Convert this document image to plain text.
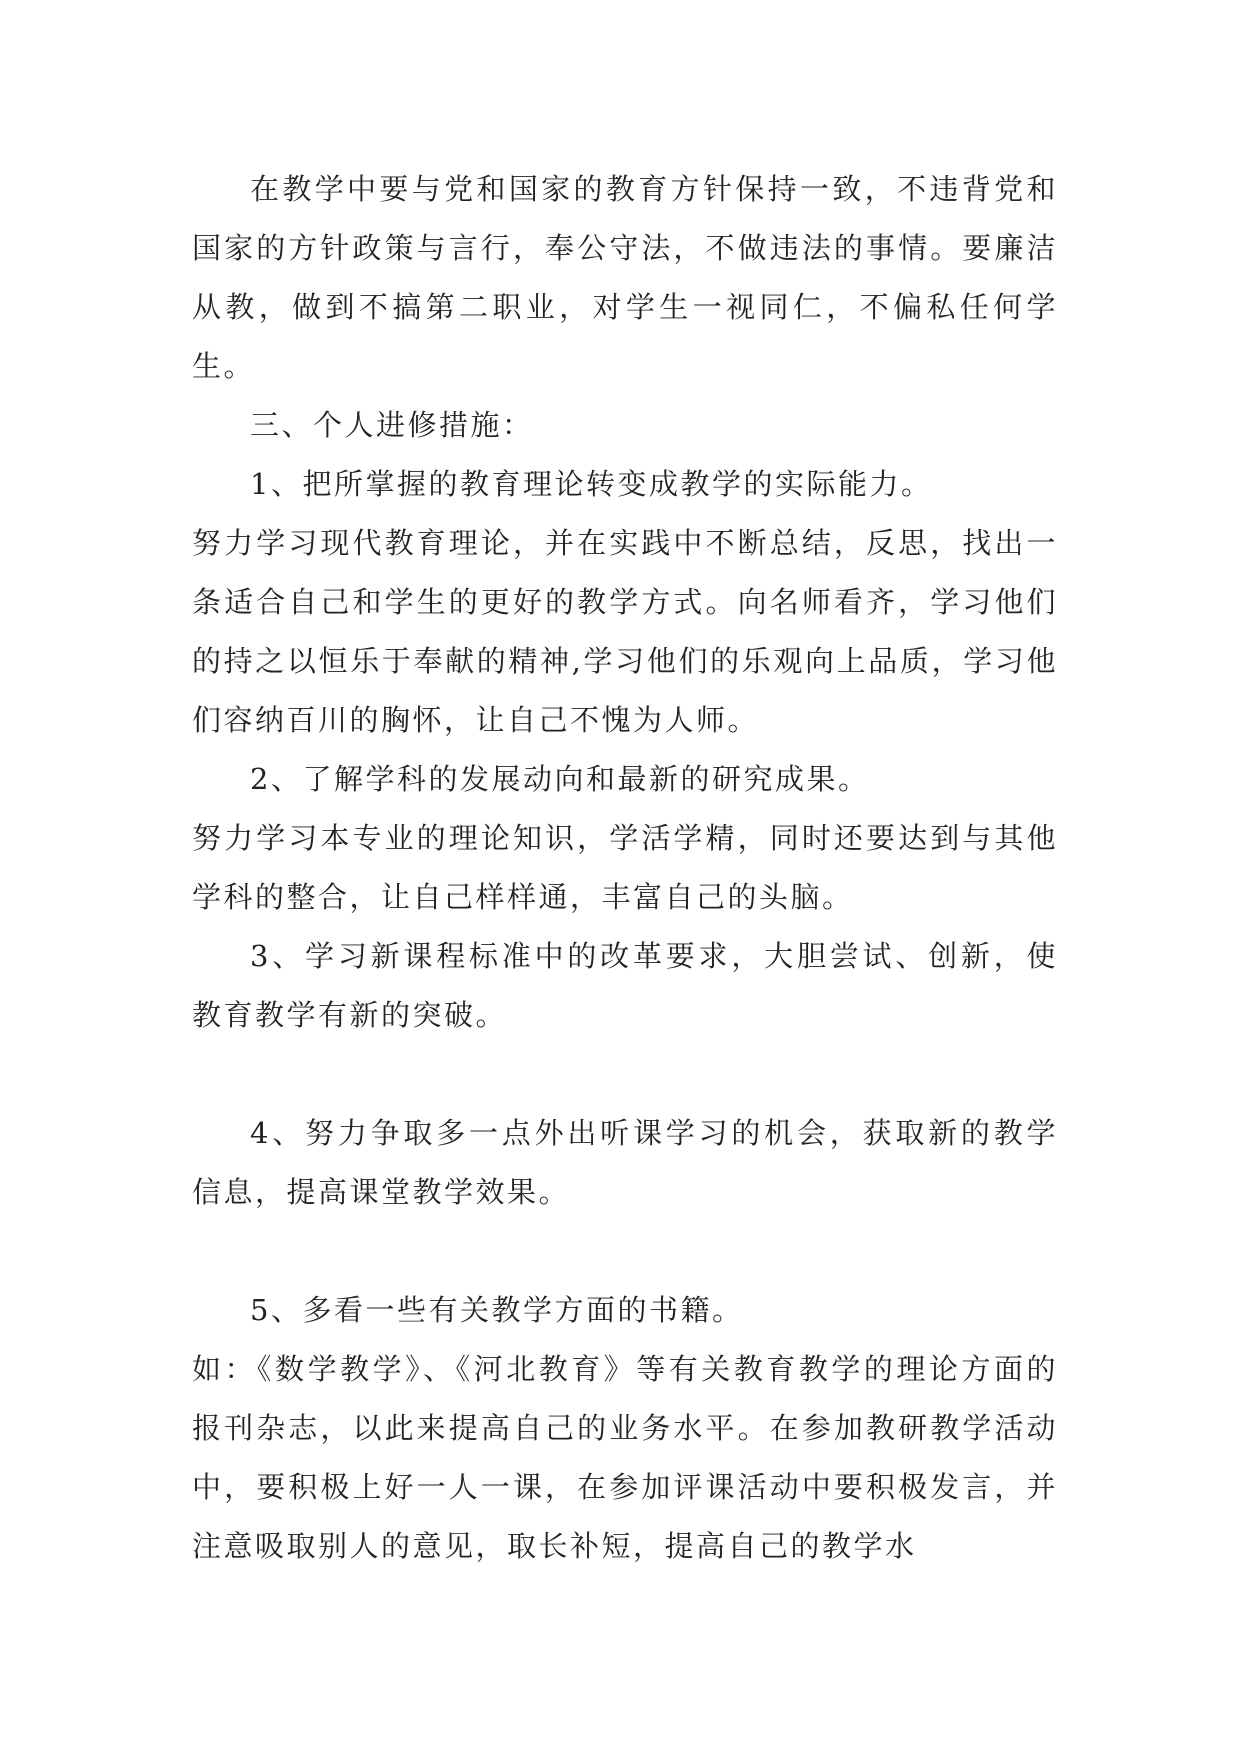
在教学中要与党和国家的教育方针保持一致，不违背党和国家的方针政策与言行，奉公守法，不做违法的事情。要廉洁从教，做到不搞第二职业，对学生一视同仁，不偏私任何学生。

三、个人进修措施：

1、把所掌握的教育理论转变成教学的实际能力。

努力学习现代教育理论，并在实践中不断总结，反思，找出一条适合自己和学生的更好的教学方式。向名师看齐，学习他们的持之以恒乐于奉献的精神,学习他们的乐观向上品质，学习他们容纳百川的胸怀，让自己不愧为人师。

2、了解学科的发展动向和最新的研究成果。

努力学习本专业的理论知识，学活学精，同时还要达到与其他学科的整合，让自己样样通，丰富自己的头脑。

3、学习新课程标准中的改革要求，大胆尝试、创新，使教育教学有新的突破。

4、努力争取多一点外出听课学习的机会，获取新的教学信息，提高课堂教学效果。

5、多看一些有关教学方面的书籍。

如：《数学教学》、《河北教育》等有关教育教学的理论方面的报刊杂志，以此来提高自己的业务水平。在参加教研教学活动中，要积极上好一人一课，在参加评课活动中要积极发言，并注意吸取别人的意见，取长补短，提高自己的教学水
